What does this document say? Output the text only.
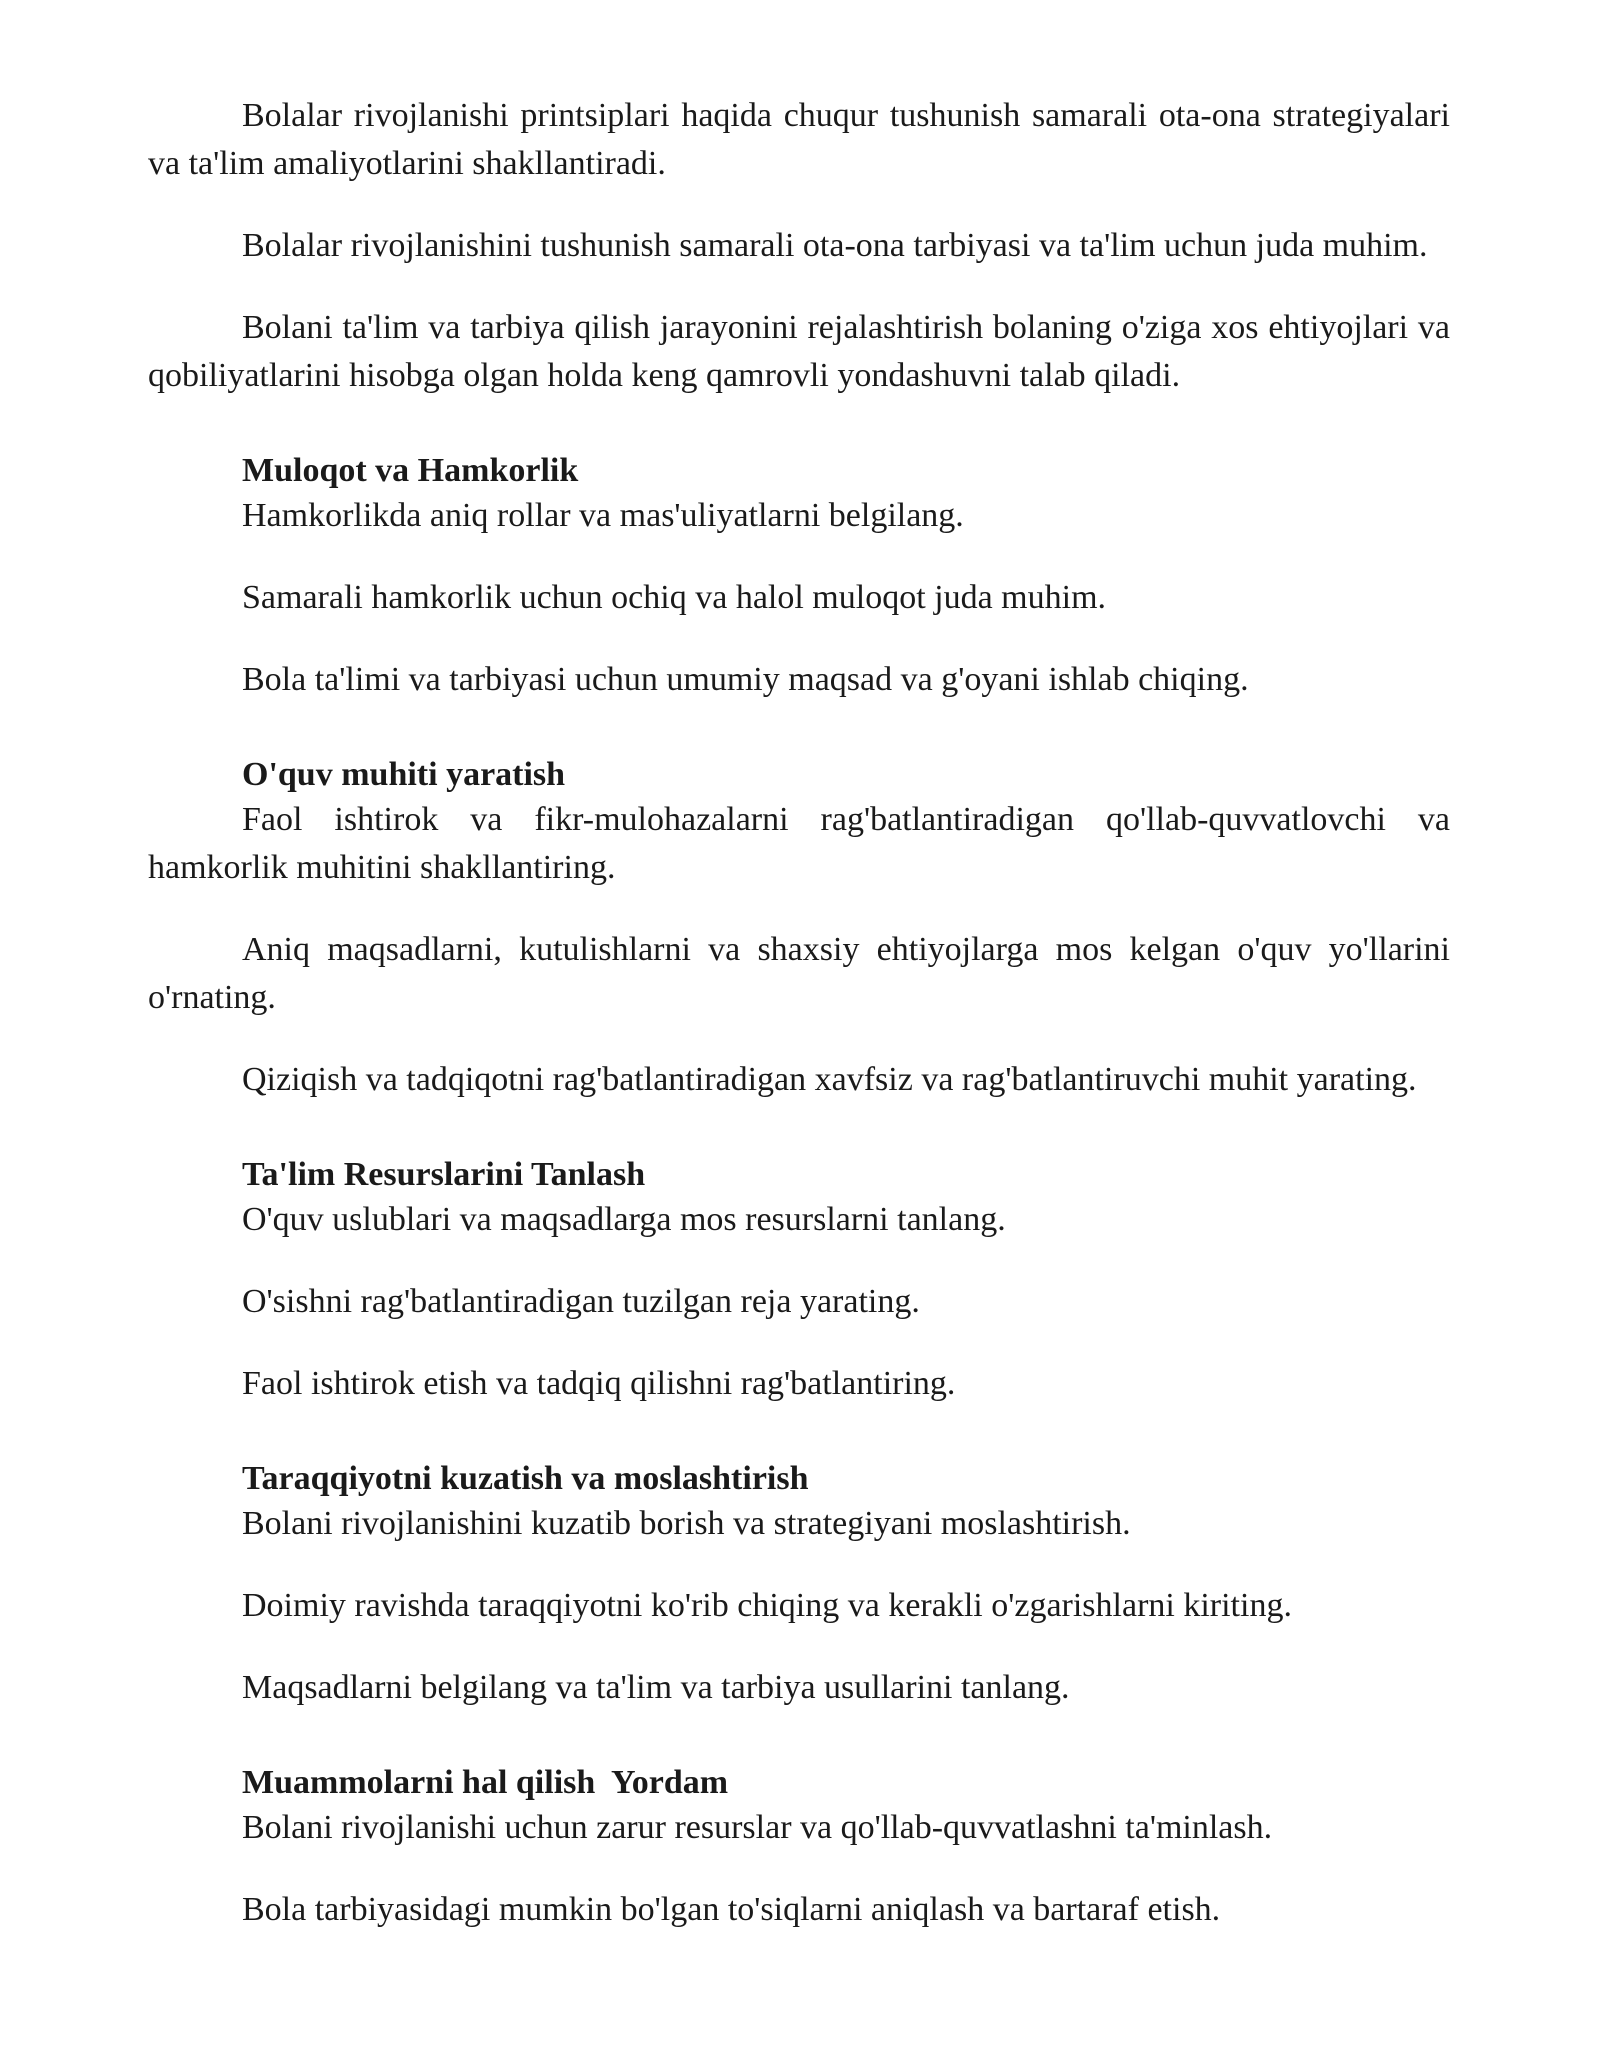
Bolalar rivojlanishi printsiplari haqida chuqur tushunish samarali ota-ona strategiyalari va ta'lim amaliyotlarini shakllantiradi.

Bolalar rivojlanishini tushunish samarali ota-ona tarbiyasi va ta'lim uchun juda muhim.

Bolani ta'lim va tarbiya qilish jarayonini rejalashtirish bolaning o'ziga xos ehtiyojlari va qobiliyatlarini hisobga olgan holda keng qamrovli yondashuvni talab qiladi.

Muloqot va Hamkorlik

Hamkorlikda aniq rollar va mas'uliyatlarni belgilang.

Samarali hamkorlik uchun ochiq va halol muloqot juda muhim.

Bola ta'limi va tarbiyasi uchun umumiy maqsad va g'oyani ishlab chiqing.

O'quv muhiti yaratish

Faol ishtirok va fikr-mulohazalarni rag'batlantiradigan qo'llab-quvvatlovchi va hamkorlik muhitini shakllantiring.

Aniq maqsadlarni, kutulishlarni va shaxsiy ehtiyojlarga mos kelgan o'quv yo'llarini o'rnating.

Qiziqish va tadqiqotni rag'batlantiradigan xavfsiz va rag'batlantiruvchi muhit yarating.

Ta'lim Resurslarini Tanlash

O'quv uslublari va maqsadlarga mos resurslarni tanlang.

O'sishni rag'batlantiradigan tuzilgan reja yarating.

Faol ishtirok etish va tadqiq qilishni rag'batlantiring.

Taraqqiyotni kuzatish va moslashtirish

Bolani rivojlanishini kuzatib borish va strategiyani moslashtirish.

Doimiy ravishda taraqqiyotni ko'rib chiqing va kerakli o'zgarishlarni kiriting.

Maqsadlarni belgilang va ta'lim va tarbiya usullarini tanlang.

Muammolarni hal qilish  Yordam

Bolani rivojlanishi uchun zarur resurslar va qo'llab-quvvatlashni ta'minlash.

Bola tarbiyasidagi mumkin bo'lgan to'siqlarni aniqlash va bartaraf etish.
